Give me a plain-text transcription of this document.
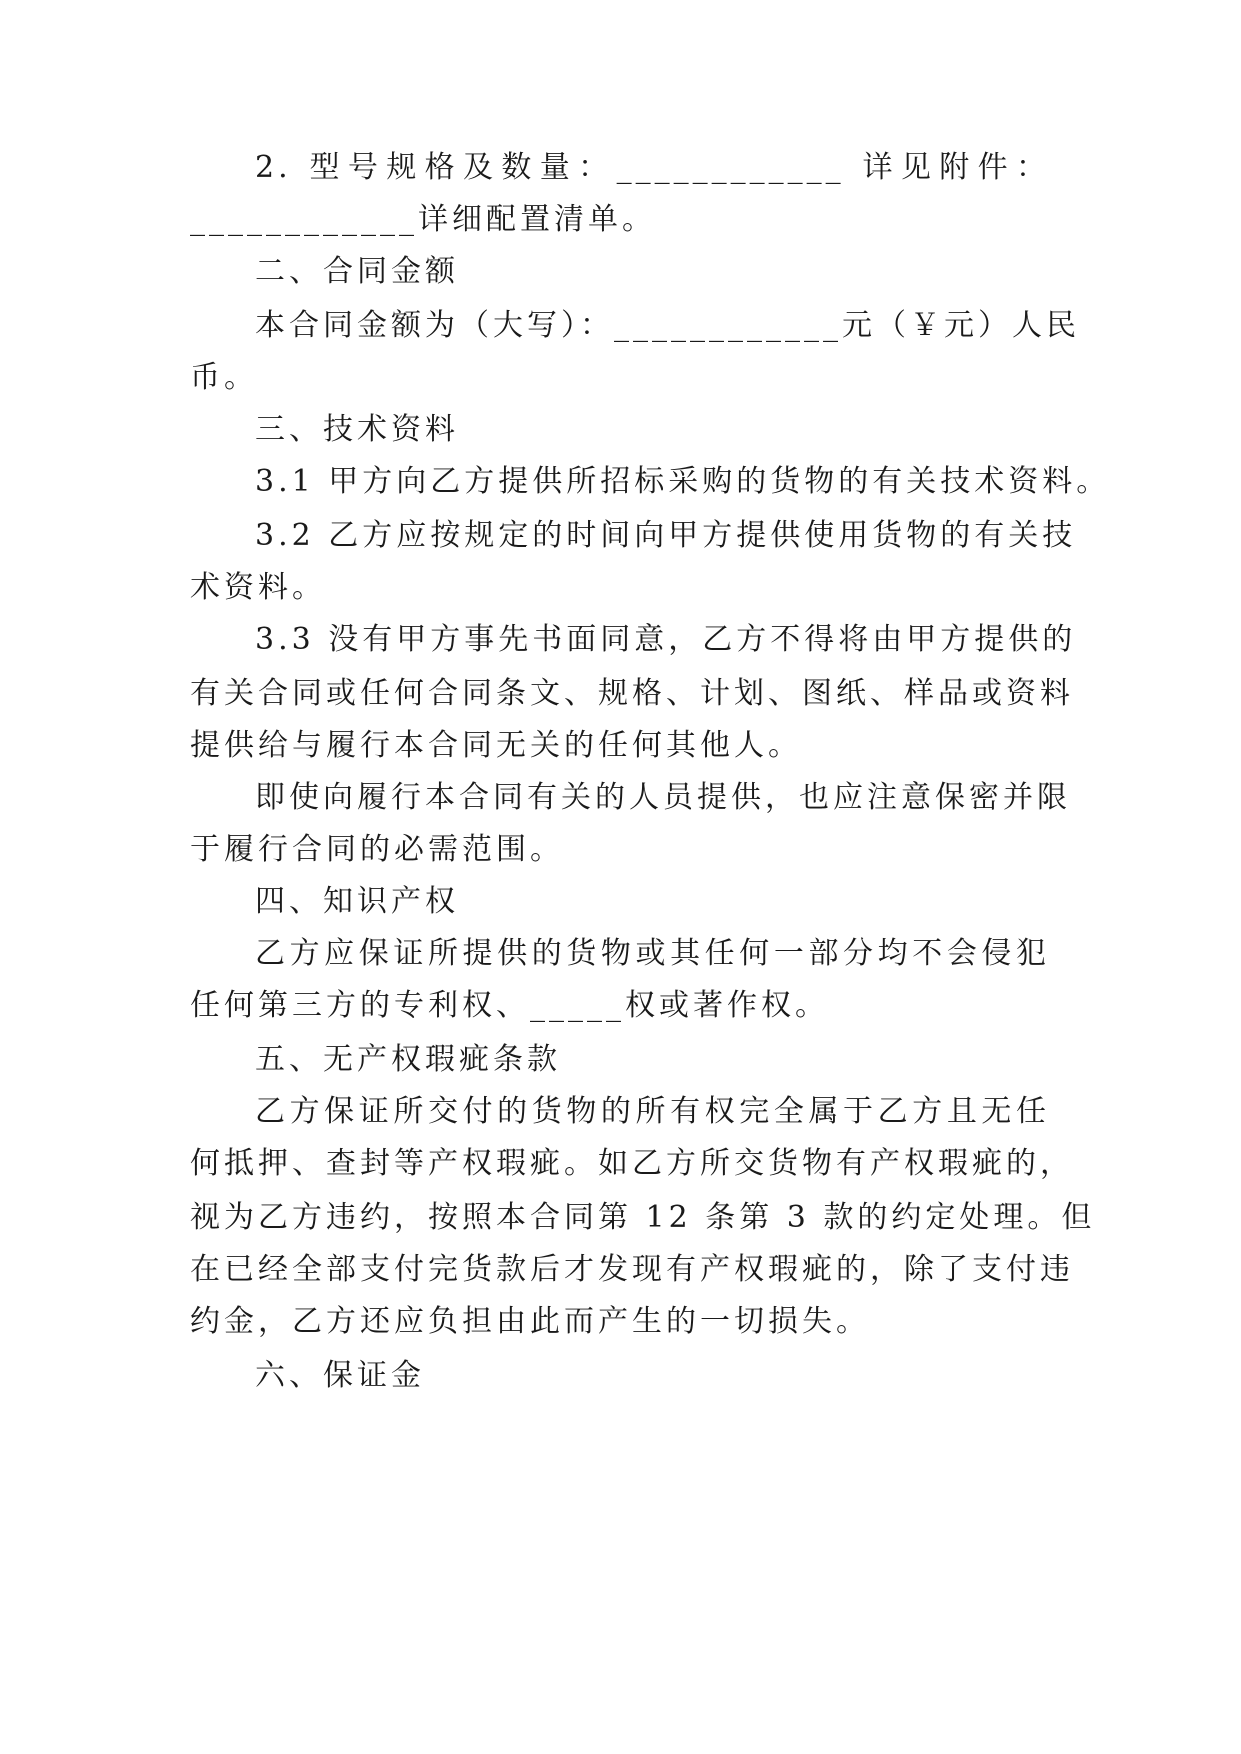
2. 型号规格及数量：____________ 详见附件：
____________详细配置清单。
二、合同金额
本合同金额为（大写）：____________元（￥元）人民
币。
三、技术资料
3.1 甲方向乙方提供所招标采购的货物的有关技术资料。
3.2 乙方应按规定的时间向甲方提供使用货物的有关技
术资料。
3.3 没有甲方事先书面同意，乙方不得将由甲方提供的
有关合同或任何合同条文、规格、计划、图纸、样品或资料
提供给与履行本合同无关的任何其他人。
即使向履行本合同有关的人员提供，也应注意保密并限
于履行合同的必需范围。
四、知识产权
乙方应保证所提供的货物或其任何一部分均不会侵犯
任何第三方的专利权、_____权或著作权。
五、无产权瑕疵条款
乙方保证所交付的货物的所有权完全属于乙方且无任
何抵押、查封等产权瑕疵。如乙方所交货物有产权瑕疵的，
视为乙方违约，按照本合同第 12 条第 3 款的约定处理。但
在已经全部支付完货款后才发现有产权瑕疵的，除了支付违
约金，乙方还应负担由此而产生的一切损失。
六、保证金
